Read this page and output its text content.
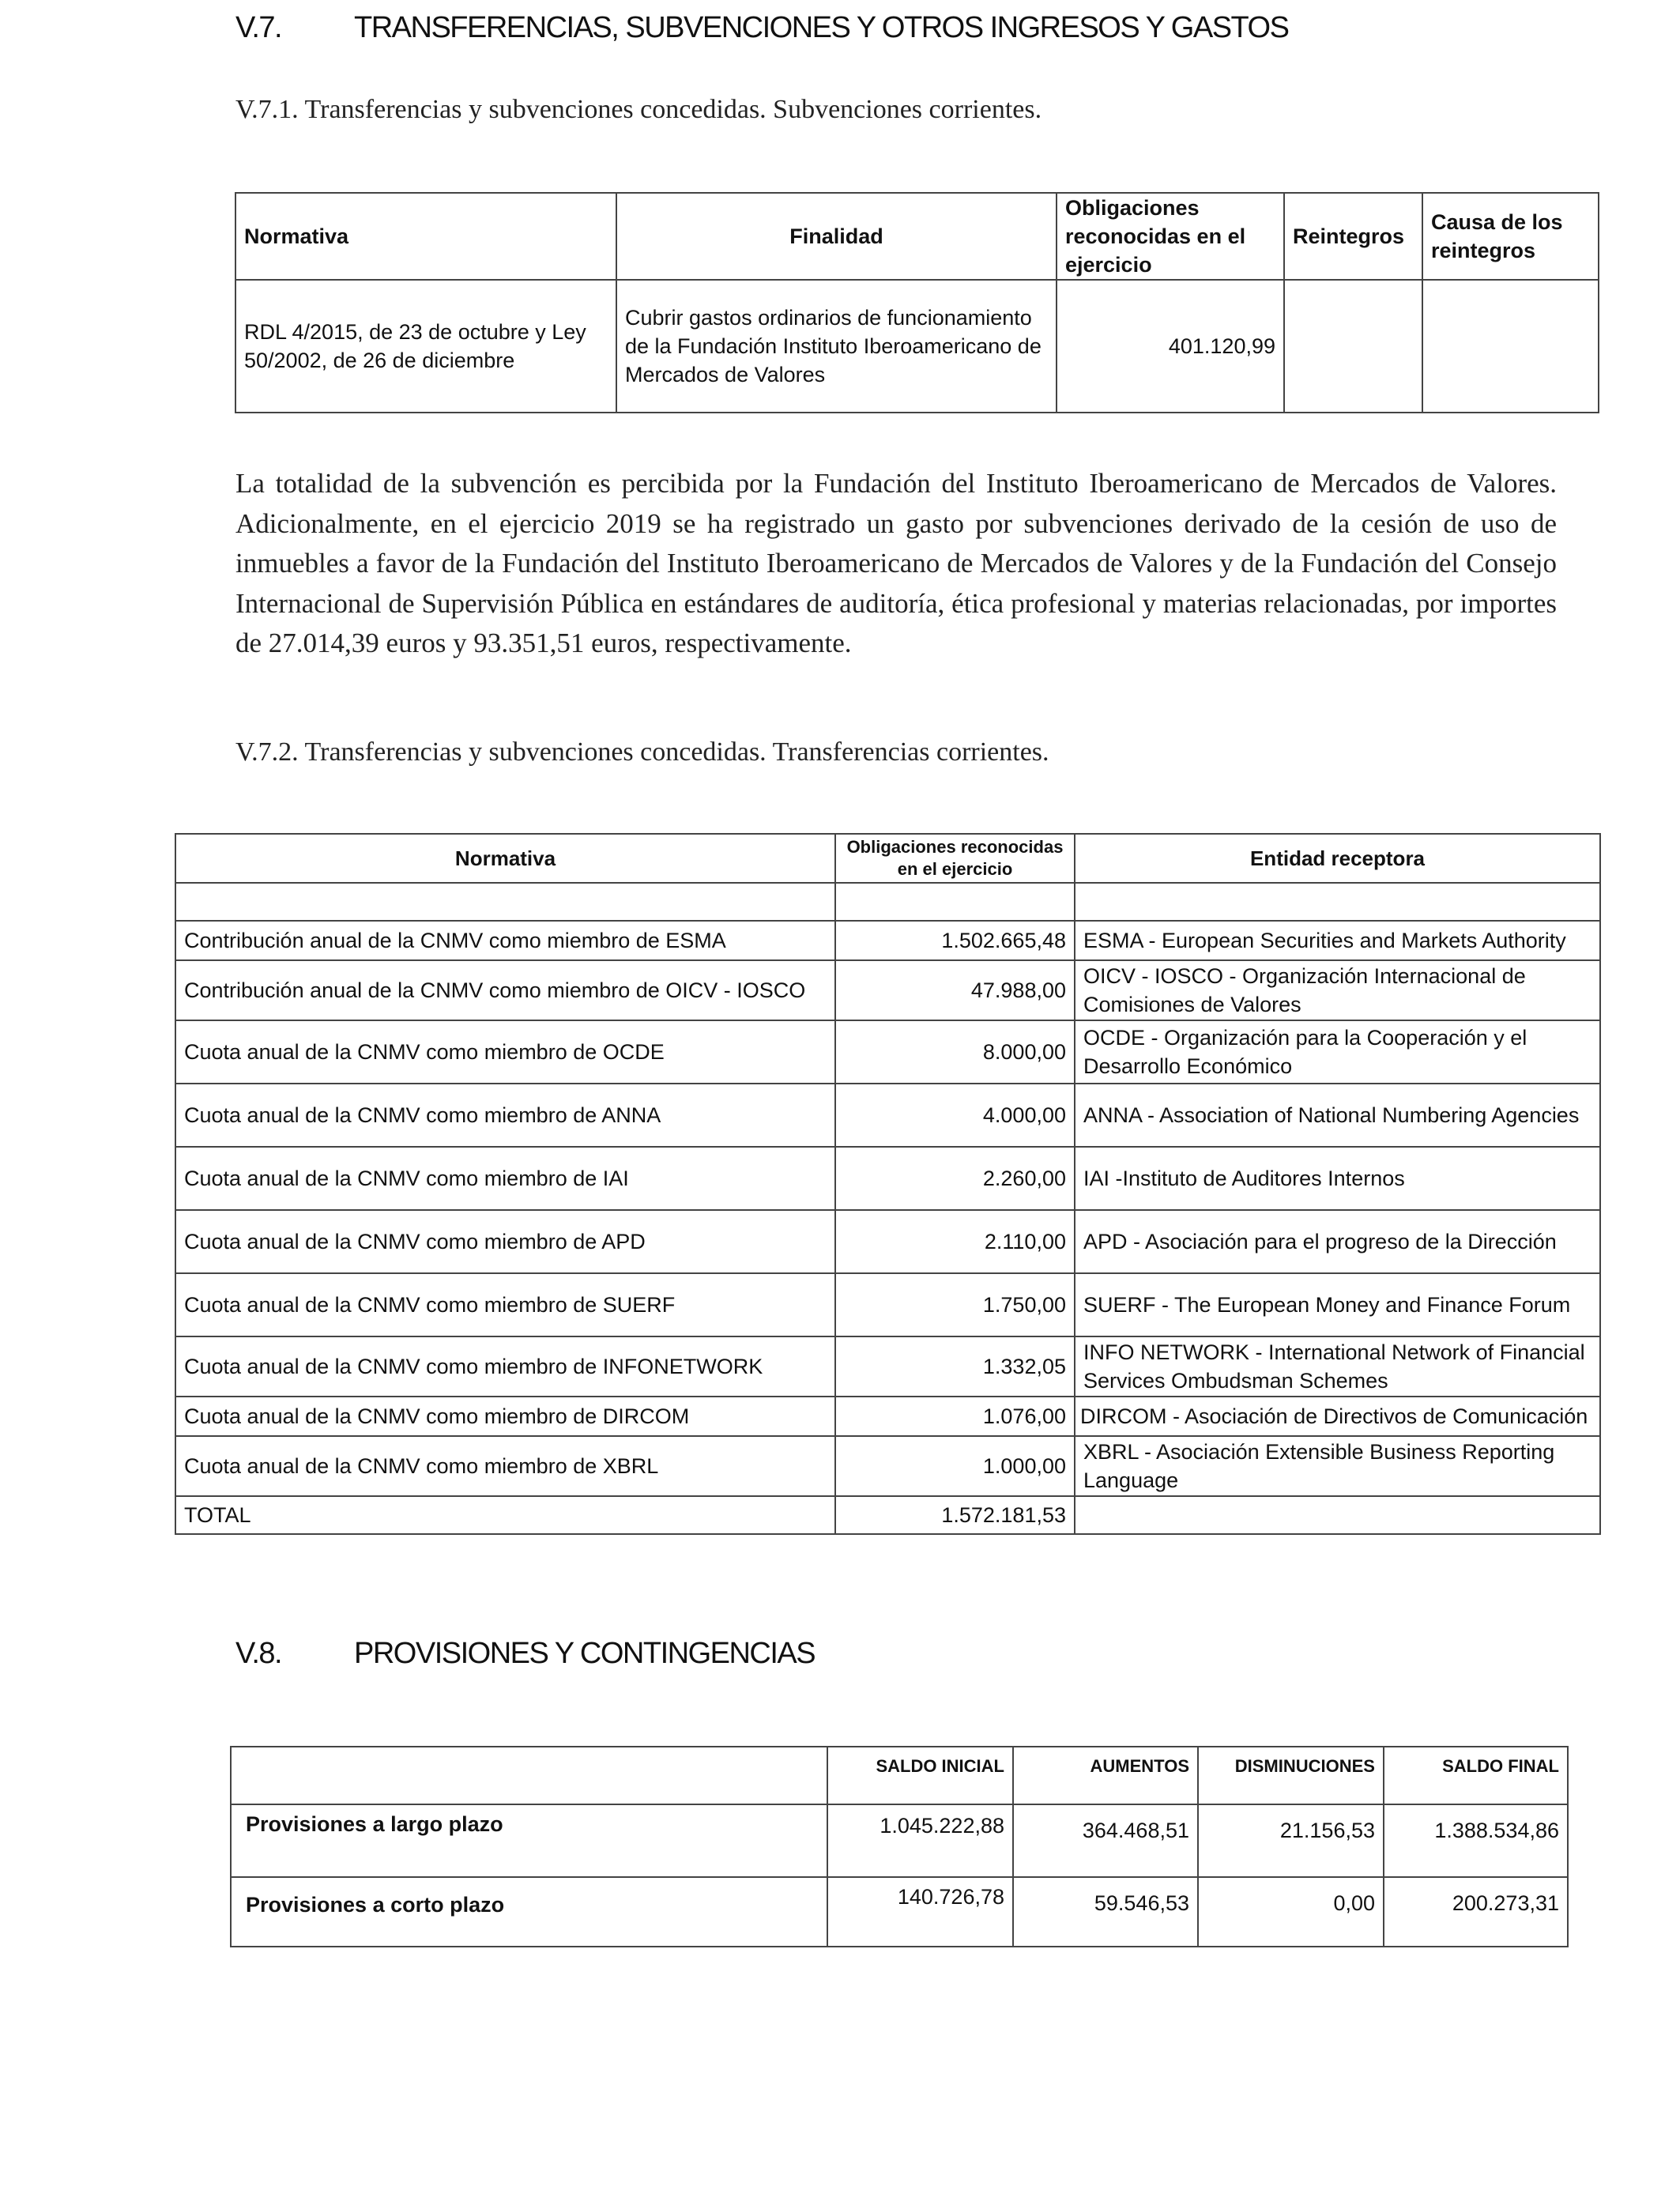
V.7. TRANSFERENCIAS, SUBVENCIONES Y OTROS INGRESOS Y GASTOS
V.7.1. Transferencias y subvenciones concedidas. Subvenciones corrientes.
Normativa	Finalidad	Obligaciones reconocidas en el ejercicio	Reintegros	Causa de los reintegros
RDL 4/2015, de 23 de octubre y Ley 50/2002, de 26 de diciembre	Cubrir gastos ordinarios de funcionamiento de la Fundación Instituto Iberoamericano de Mercados de Valores	401.120,99		
La totalidad de la subvención es percibida por la Fundación del Instituto Iberoamericano de Mercados de Valores. Adicionalmente, en el ejercicio 2019 se ha registrado un gasto por subvenciones derivado de la cesión de uso de inmuebles a favor de la Fundación del Instituto Iberoamericano de Mercados de Valores y de la Fundación del Consejo Internacional de Supervisión Pública en estándares de auditoría, ética profesional y materias relacionadas, por importes de 27.014,39 euros y 93.351,51 euros, respectivamente.
V.7.2. Transferencias y subvenciones concedidas. Transferencias corrientes.
Normativa	Obligaciones reconocidas en el ejercicio	Entidad receptora

Contribución anual de la CNMV como miembro de ESMA	1.502.665,48	ESMA - European Securities and Markets Authority
Contribución anual de la CNMV como miembro de OICV - IOSCO	47.988,00	OICV - IOSCO - Organización Internacional de Comisiones de Valores
Cuota anual de la CNMV como miembro de OCDE	8.000,00	OCDE - Organización para la Cooperación y el Desarrollo Económico
Cuota anual de la CNMV como miembro de ANNA	4.000,00	ANNA - Association of National Numbering Agencies
Cuota anual de la CNMV como miembro de IAI	2.260,00	IAI -Instituto de Auditores Internos
Cuota anual de la CNMV como miembro de APD	2.110,00	APD - Asociación para el progreso de la Dirección
Cuota anual de la CNMV como miembro de SUERF	1.750,00	SUERF - The European Money and Finance Forum
Cuota anual de la CNMV como miembro de INFONETWORK	1.332,05	INFO NETWORK - International Network of Financial Services Ombudsman Schemes
Cuota anual de la CNMV como miembro de DIRCOM	1.076,00	DIRCOM - Asociación de Directivos de Comunicación
Cuota anual de la CNMV como miembro de XBRL	1.000,00	XBRL - Asociación Extensible Business Reporting Language
TOTAL	1.572.181,53	
V.8. PROVISIONES Y CONTINGENCIAS
	SALDO INICIAL	AUMENTOS	DISMINUCIONES	SALDO FINAL
Provisiones a largo plazo	1.045.222,88	364.468,51	21.156,53	1.388.534,86
Provisiones a corto plazo	140.726,78	59.546,53	0,00	200.273,31
